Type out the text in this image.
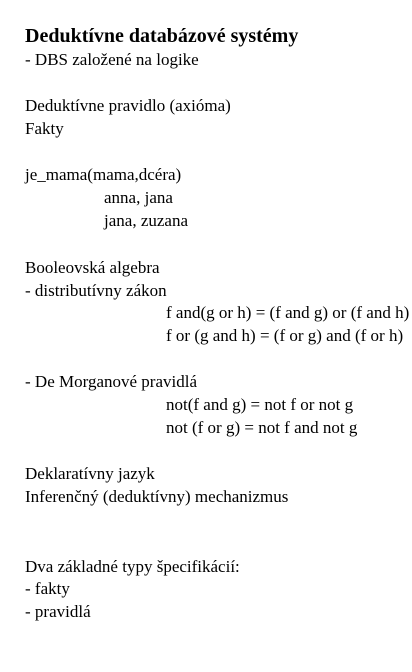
Deduktívne databázové systémy
- DBS založené na logike
Deduktívne pravidlo (axióma)
Fakty
je_mama(mama,dcéra)
anna, jana
jana, zuzana
Booleovská algebra
- distributívny zákon
f and(g or h) = (f and g) or (f and h)
f or (g and h) = (f or g) and (f or h)
- De Morganové pravidlá
not(f and g) = not f or not g
not (f or g) = not f and not g
Deklaratívny jazyk
Inferenčný (deduktívny) mechanizmus
Dva základné typy špecifikácií:
- fakty
- pravidlá
